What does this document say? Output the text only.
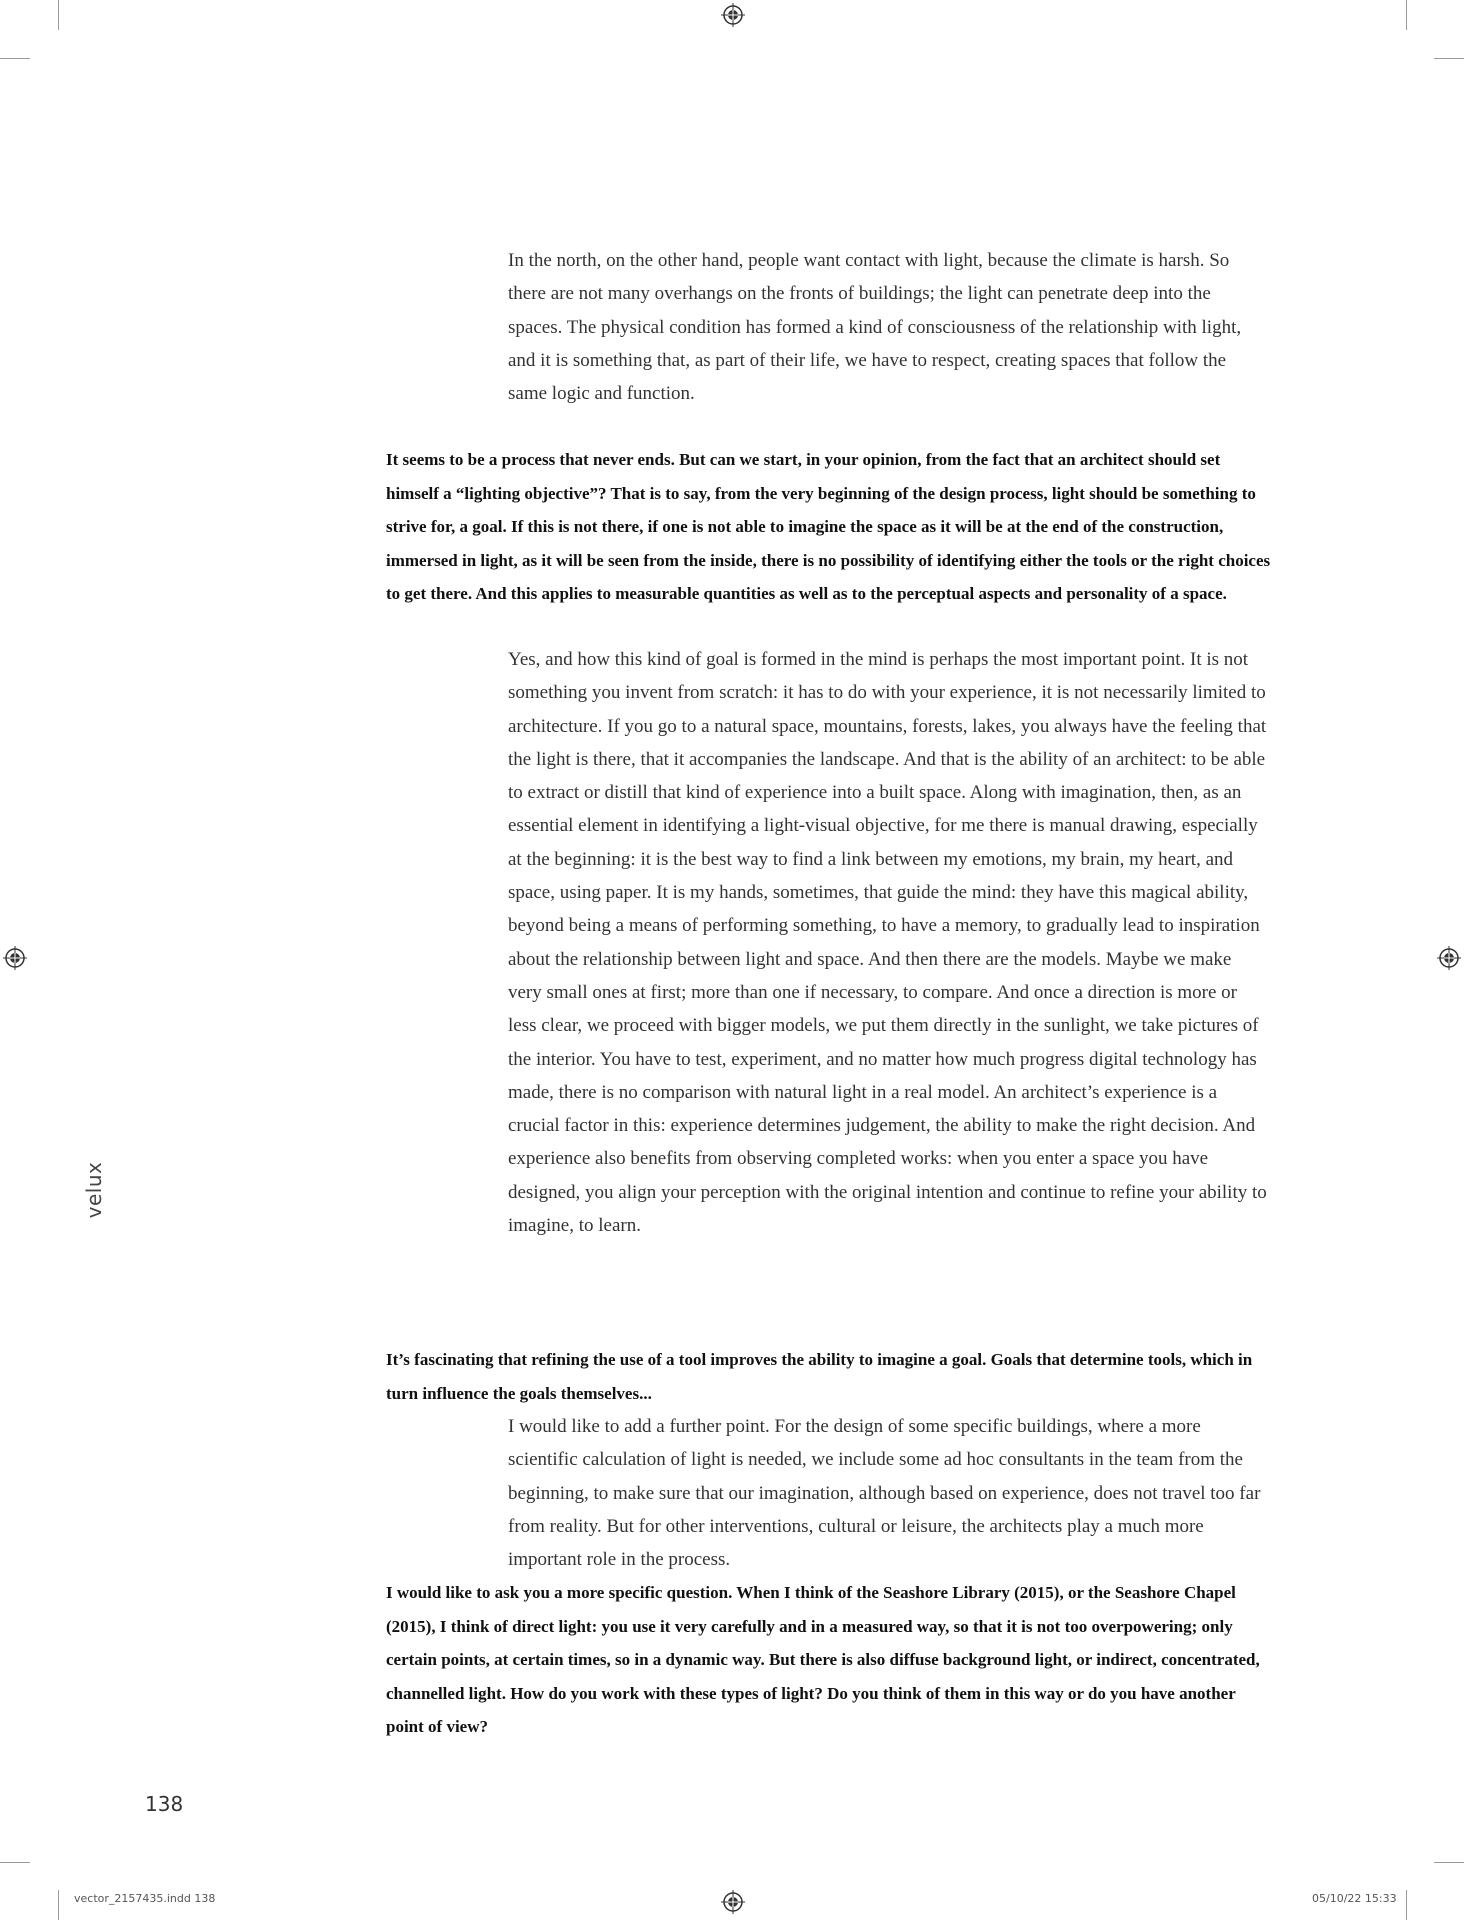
In the north, on the other hand, people want contact with light, because the climate is harsh. So there are not many overhangs on the fronts of buildings; the light can penetrate deep into the spaces. The physical condition has formed a kind of consciousness of the relationship with light, and it is something that, as part of their life, we have to respect, creating spaces that follow the same logic and function.

It seems to be a process that never ends. But can we start, in your opinion, from the fact that an architect should set himself a “lighting objective”? That is to say, from the very beginning of the design process, light should be something to strive for, a goal. If this is not there, if one is not able to imagine the space as it will be at the end of the construction, immersed in light, as it will be seen from the inside, there is no possibility of identifying either the tools or the right choices to get there. And this applies to measurable quantities as well as to the perceptual aspects and personality of a space.

Yes, and how this kind of goal is formed in the mind is perhaps the most important point. It is not something you invent from scratch: it has to do with your experience, it is not necessarily limited to architecture. If you go to a natural space, mountains, forests, lakes, you always have the feeling that the light is there, that it accompanies the landscape. And that is the ability of an architect: to be able to extract or distill that kind of experience into a built space. Along with imagination, then, as an essential element in identifying a light-visual objective, for me there is manual drawing, especially at the beginning: it is the best way to find a link between my emotions, my brain, my heart, and space, using paper. It is my hands, sometimes, that guide the mind: they have this magical ability, beyond being a means of performing something, to have a memory, to gradually lead to inspiration about the relationship between light and space. And then there are the models. Maybe we make very small ones at first; more than one if necessary, to compare. And once a direction is more or less clear, we proceed with bigger models, we put them directly in the sunlight, we take pictures of the interior. You have to test, experiment, and no matter how much progress digital technology has made, there is no comparison with natural light in a real model. An architect’s experience is a crucial factor in this: experience determines judgement, the ability to make the right decision. And experience also benefits from observing completed works: when you enter a space you have designed, you align your perception with the original intention and continue to refine your ability to imagine, to learn.

It’s fascinating that refining the use of a tool improves the ability to imagine a goal. Goals that determine tools, which in turn influence the goals themselves...

I would like to add a further point. For the design of some specific buildings, where a more scientific calculation of light is needed, we include some ad hoc consultants in the team from the beginning, to make sure that our imagination, although based on experience, does not travel too far from reality. But for other interventions, cultural or leisure, the architects play a much more important role in the process.

I would like to ask you a more specific question. When I think of the Seashore Library (2015), or the Seashore Chapel (2015), I think of direct light: you use it very carefully and in a measured way, so that it is not too overpowering; only certain points, at certain times, so in a dynamic way. But there is also diffuse background light, or indirect, concentrated, channelled light. How do you work with these types of light? Do you think of them in this way or do you have another point of view?

velux
138
vector_2157435.indd 138	05/10/22 15:33
